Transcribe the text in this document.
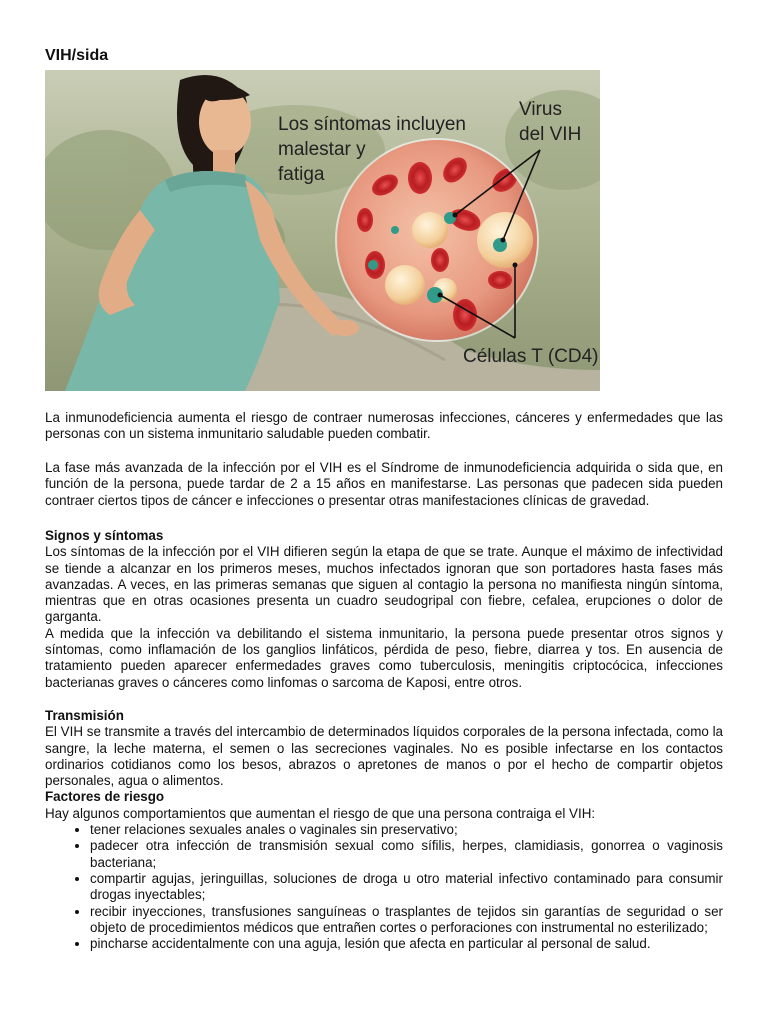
VIH/sida
Los síntomas incluyen
malestar y
fatiga
Virus
del VIH
Células T (CD4)

La inmunodeficiencia aumenta el riesgo de contraer numerosas infecciones, cánceres y enfermedades que las personas con un sistema inmunitario saludable pueden combatir.

La fase más avanzada de la infección por el VIH es el Síndrome de inmunodeficiencia adquirida o sida que, en función de la persona, puede tardar de 2 a 15 años en manifestarse. Las personas que padecen sida pueden contraer ciertos tipos de cáncer e infecciones o presentar otras manifestaciones clínicas de gravedad.

Signos y síntomas

Los síntomas de la infección por el VIH difieren según la etapa de que se trate. Aunque el máximo de infectividad se tiende a alcanzar en los primeros meses, muchos infectados ignoran que son portadores hasta fases más avanzadas. A veces, en las primeras semanas que siguen al contagio la persona no manifiesta ningún síntoma, mientras que en otras ocasiones presenta un cuadro seudogripal con fiebre, cefalea, erupciones o dolor de garganta.

A medida que la infección va debilitando el sistema inmunitario, la persona puede presentar otros signos y síntomas, como inflamación de los ganglios linfáticos, pérdida de peso, fiebre, diarrea y tos. En ausencia de tratamiento pueden aparecer enfermedades graves como tuberculosis, meningitis criptocócica, infecciones bacterianas graves o cánceres como linfomas o sarcoma de Kaposi, entre otros.

Transmisión

El VIH se transmite a través del intercambio de determinados líquidos corporales de la persona infectada, como la sangre, la leche materna, el semen o las secreciones vaginales. No es posible infectarse en los contactos ordinarios cotidianos como los besos, abrazos o apretones de manos o por el hecho de compartir objetos personales, agua o alimentos.

Factores de riesgo

Hay algunos comportamientos que aumentan el riesgo de que una persona contraiga el VIH:

• tener relaciones sexuales anales o vaginales sin preservativo;
• padecer otra infección de transmisión sexual como sífilis, herpes, clamidiasis, gonorrea o vaginosis bacteriana;
• compartir agujas, jeringuillas, soluciones de droga u otro material infectivo contaminado para consumir drogas inyectables;
• recibir inyecciones, transfusiones sanguíneas o trasplantes de tejidos sin garantías de seguridad o ser objeto de procedimientos médicos que entrañen cortes o perforaciones con instrumental no esterilizado;
• pincharse accidentalmente con una aguja, lesión que afecta en particular al personal de salud.
